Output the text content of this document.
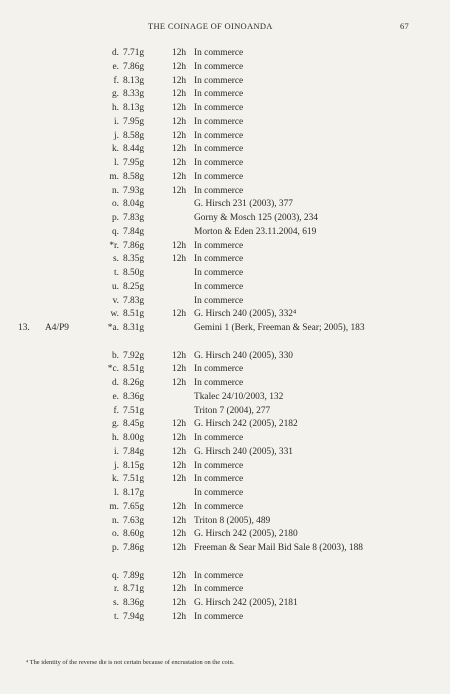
THE COINAGE OF OINOANDA	67
d. 7.71g	12h In commerce
e. 7.86g	12h In commerce
f. 8.13g	12h In commerce
g. 8.33g	12h In commerce
h. 8.13g	12h In commerce
i. 7.95g	12h In commerce
j. 8.58g	12h In commerce
k. 8.44g	12h In commerce
l. 7.95g	12h In commerce
m. 8.58g	12h In commerce
n. 7.93g	12h In commerce
o. 8.04g	G. Hirsch 231 (2003), 377
p. 7.83g	Gorny & Mosch 125 (2003), 234
q. 7.84g	Morton & Eden 23.11.2004, 619
*r. 7.86g	12h In commerce
s. 8.35g	12h In commerce
t. 8.50g	In commerce
u. 8.25g	In commerce
v. 7.83g	In commerce
w. 8.51g	12h G. Hirsch 240 (2005), 332⁴
13. A4/P9	*a. 8.31g	Gemini 1 (Berk, Freeman & Sear; 2005), 183
b. 7.92g	12h G. Hirsch 240 (2005), 330
*c. 8.51g	12h In commerce
d. 8.26g	12h In commerce
e. 8.36g	Tkalec 24/10/2003, 132
f. 7.51g	Triton 7 (2004), 277
g. 8.45g	12h G. Hirsch 242 (2005), 2182
h. 8.00g	12h In commerce
i. 7.84g	12h G. Hirsch 240 (2005), 331
j. 8.15g	12h In commerce
k. 7.51g	12h In commerce
l. 8.17g	In commerce
m. 7.65g	12h In commerce
n. 7.63g	12h Triton 8 (2005), 489
o. 8.60g	12h G. Hirsch 242 (2005), 2180
p. 7.86g	12h Freeman & Sear Mail Bid Sale 8 (2003), 188
q. 7.89g	12h In commerce
r. 8.71g	12h In commerce
s. 8.36g	12h G. Hirsch 242 (2005), 2181
t. 7.94g	12h In commerce
⁴ The identity of the reverse die is not certain because of encrustation on the coin.
